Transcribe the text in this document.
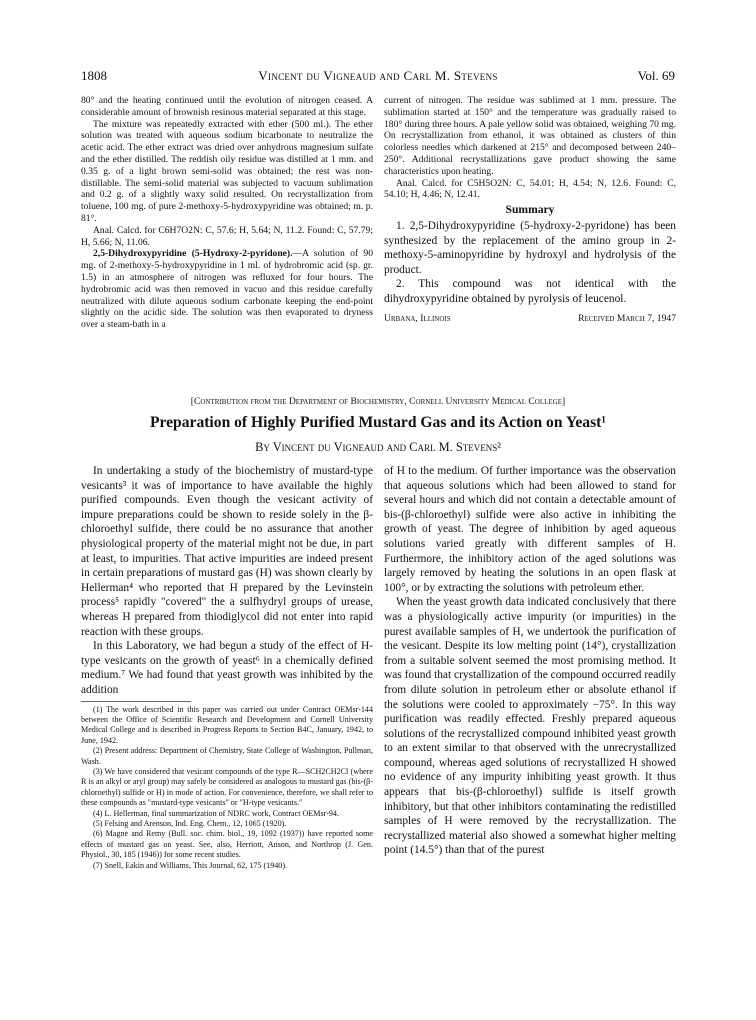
1808	Vincent du Vigneaud and Carl M. Stevens	Vol. 69

80° and the heating continued until the evolution of nitrogen ceased. A considerable amount of brownish resinous material separated at this stage.

The mixture was repeatedly extracted with ether (500 ml.). The ether solution was treated with aqueous sodium bicarbonate to neutralize the acetic acid. The ether extract was dried over anhydrous magnesium sulfate and the ether distilled. The reddish oily residue was distilled at 1 mm. and 0.35 g. of a light brown semi-solid was obtained; the rest was non-distillable. The semi-solid material was subjected to vacuum sublimation and 0.2 g. of a slightly waxy solid resulted. On recrystallization from toluene, 100 mg. of pure 2-methoxy-5-hydroxypyridine was obtained; m. p. 81°.

Anal. Calcd. for C6H7O2N: C, 57.6; H, 5.64; N, 11.2. Found: C, 57.79; H, 5.66; N, 11.06.

2,5-Dihydroxypyridine (5-Hydroxy-2-pyridone).—A solution of 90 mg. of 2-methoxy-5-hydroxypyridine in 1 ml. of hydrobromic acid (sp. gr. 1.5) in an atmosphere of nitrogen was refluxed for four hours. The hydrobromic acid was then removed in vacuo and this residue carefully neutralized with dilute aqueous sodium carbonate keeping the end-point slightly on the acidic side. The solution was then evaporated to dryness over a steam-bath in a

current of nitrogen. The residue was sublimed at 1 mm. pressure. The sublimation started at 150° and the temperature was gradually raised to 180° during three hours. A pale yellow solid was obtained, weighing 70 mg. On recrystallization from ethanol, it was obtained as clusters of thin colorless needles which darkened at 215° and decomposed between 240–250°. Additional recrystallizations gave product showing the same characteristics upon heating.

Anal. Calcd. for C5H5O2N: C, 54.01; H, 4.54; N, 12.6. Found: C, 54.10; H, 4.46; N, 12.41.

Summary

1. 2,5-Dihydroxypyridine (5-hydroxy-2-pyridone) has been synthesized by the replacement of the amino group in 2-methoxy-5-aminopyridine by hydroxyl and hydrolysis of the product.

2. This compound was not identical with the dihydroxypyridine obtained by pyrolysis of leucenol.

Urbana, Illinois	Received March 7, 1947
[Contribution from the Department of Biochemistry, Cornell University Medical College]
Preparation of Highly Purified Mustard Gas and its Action on Yeast¹
By Vincent du Vigneaud and Carl M. Stevens²

In undertaking a study of the biochemistry of mustard-type vesicants³ it was of importance to have available the highly purified compounds. Even though the vesicant activity of impure preparations could be shown to reside solely in the β-chloroethyl sulfide, there could be no assurance that another physiological property of the material might not be due, in part at least, to impurities. That active impurities are indeed present in certain preparations of mustard gas (H) was shown clearly by Hellerman⁴ who reported that H prepared by the Levinstein process⁵ rapidly "covered" the a sulfhydryl groups of urease, whereas H prepared from thiodiglycol did not enter into rapid reaction with these groups.

In this Laboratory, we had begun a study of the effect of H-type vesicants on the growth of yeast⁶ in a chemically defined medium.⁷ We had found that yeast growth was inhibited by the addition

(1) The work described in this paper was carried out under Contract OEMsr-144 between the Office of Scientific Research and Development and Cornell University Medical College and is described in Progress Reports to Section B4C, January, 1942, to June, 1942.

(2) Present address: Department of Chemistry, State College of Washington, Pullman, Wash.

(3) We have considered that vesicant compounds of the type R—SCH2CH2Cl (where R is an alkyl or aryl group) may safely be considered as analogous to mustard gas (bis-(β-chloroethyl) sulfide or H) in mode of action. For convenience, therefore, we shall refer to these compounds as "mustard-type vesicants" or "H-type vesicants."

(4) L. Hellerman, final summarization of NDRC work, Contract OEMsr-94.

(5) Felsing and Arenson, Ind. Eng. Chem., 12, 1065 (1920).

(6) Magne and Remy (Bull. soc. chim. biol., 19, 1092 (1937)) have reported some effects of mustard gas on yeast. See, also, Herriott, Anson, and Northrop (J. Gen. Physiol., 30, 185 (1946)) for some recent studies.

(7) Snell, Eakin and Williams, This Journal, 62, 175 (1940).

of H to the medium. Of further importance was the observation that aqueous solutions which had been allowed to stand for several hours and which did not contain a detectable amount of bis-(β-chloroethyl) sulfide were also active in inhibiting the growth of yeast. The degree of inhibition by aged aqueous solutions varied greatly with different samples of H. Furthermore, the inhibitory action of the aged solutions was largely removed by heating the solutions in an open flask at 100°, or by extracting the solutions with petroleum ether.

When the yeast growth data indicated conclusively that there was a physiologically active impurity (or impurities) in the purest available samples of H, we undertook the purification of the vesicant. Despite its low melting point (14°), crystallization from a suitable solvent seemed the most promising method. It was found that crystallization of the compound occurred readily from dilute solution in petroleum ether or absolute ethanol if the solutions were cooled to approximately −75°. In this way purification was readily effected. Freshly prepared aqueous solutions of the recrystallized compound inhibited yeast growth to an extent similar to that observed with the unrecrystallized compound, whereas aged solutions of recrystallized H showed no evidence of any impurity inhibiting yeast growth. It thus appears that bis-(β-chloroethyl) sulfide is itself growth inhibitory, but that other inhibitors contaminating the redistilled samples of H were removed by the recrystallization. The recrystallized material also showed a somewhat higher melting point (14.5°) than that of the purest
